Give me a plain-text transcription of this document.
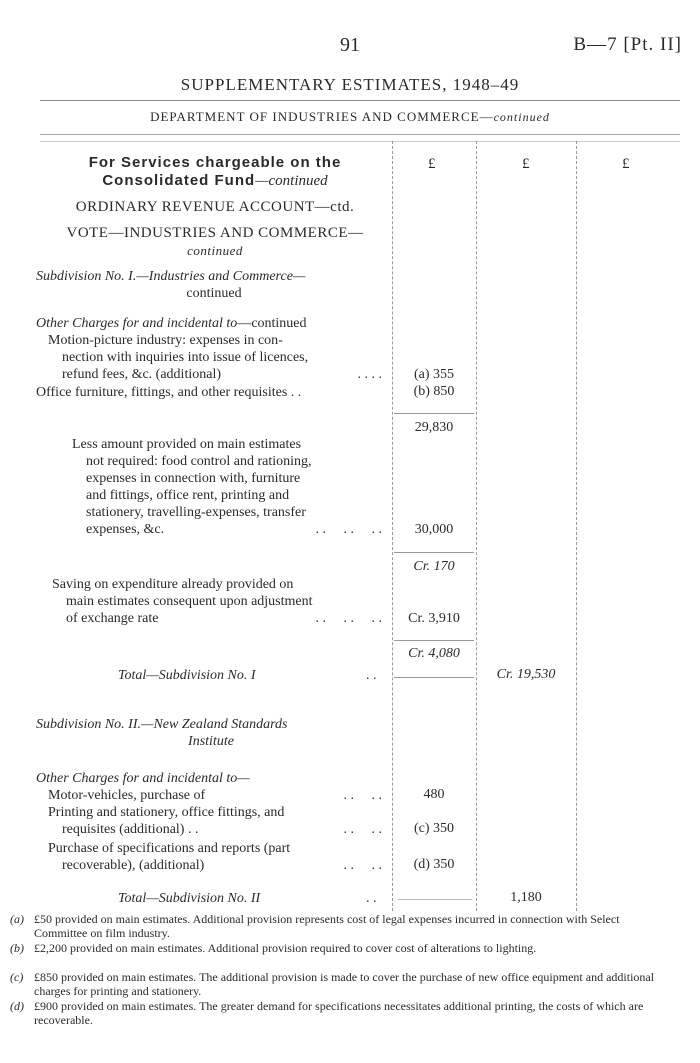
91	B—7 [Pt. II]
SUPPLEMENTARY ESTIMATES, 1948–49
DEPARTMENT OF INDUSTRIES AND COMMERCE—continued
£	£	£
For Services chargeable on the
Consolidated Fund—continued
ORDINARY REVENUE ACCOUNT—ctd.
VOTE—INDUSTRIES AND COMMERCE—
continued
Subdivision No. I.—Industries and Commerce—
continued
Other Charges for and incidental to—continued
Motion-picture industry: expenses in con-
nection with inquiries into issue of licences,
refund fees, &c. (additional)	. . . .	(a) 355
Office furniture, fittings, and other requisites . .	(b) 850
29,830
Less amount provided on main estimates
not required: food control and rationing,
expenses in connection with, furniture
and fittings, office rent, printing and
stationery, travelling-expenses, transfer
expenses, &c.	. .     . .     . .	30,000
Cr. 170
Saving on expenditure already provided on
main estimates consequent upon adjustment
of exchange rate	. .     . .     . .	Cr. 3,910
Cr. 4,080
Total—Subdivision No. I	. .	Cr. 19,530
Subdivision No. II.—New Zealand Standards
Institute
Other Charges for and incidental to—
Motor-vehicles, purchase of	. .     . .	480
Printing and stationery, office fittings, and
requisites (additional) . .	. .     . .	(c) 350
Purchase of specifications and reports (part
recoverable), (additional)	. .     . .	(d) 350
Total—Subdivision No. II	. .	1,180
(a) £50 provided on main estimates. Additional provision represents cost of legal expenses incurred in connection with Select Committee on film industry.
(b) £2,200 provided on main estimates. Additional provision required to cover cost of alterations to lighting.
(c) £850 provided on main estimates. The additional provision is made to cover the purchase of new office equipment and additional charges for printing and stationery.
(d) £900 provided on main estimates. The greater demand for specifications necessitates additional printing, the costs of which are recoverable.
